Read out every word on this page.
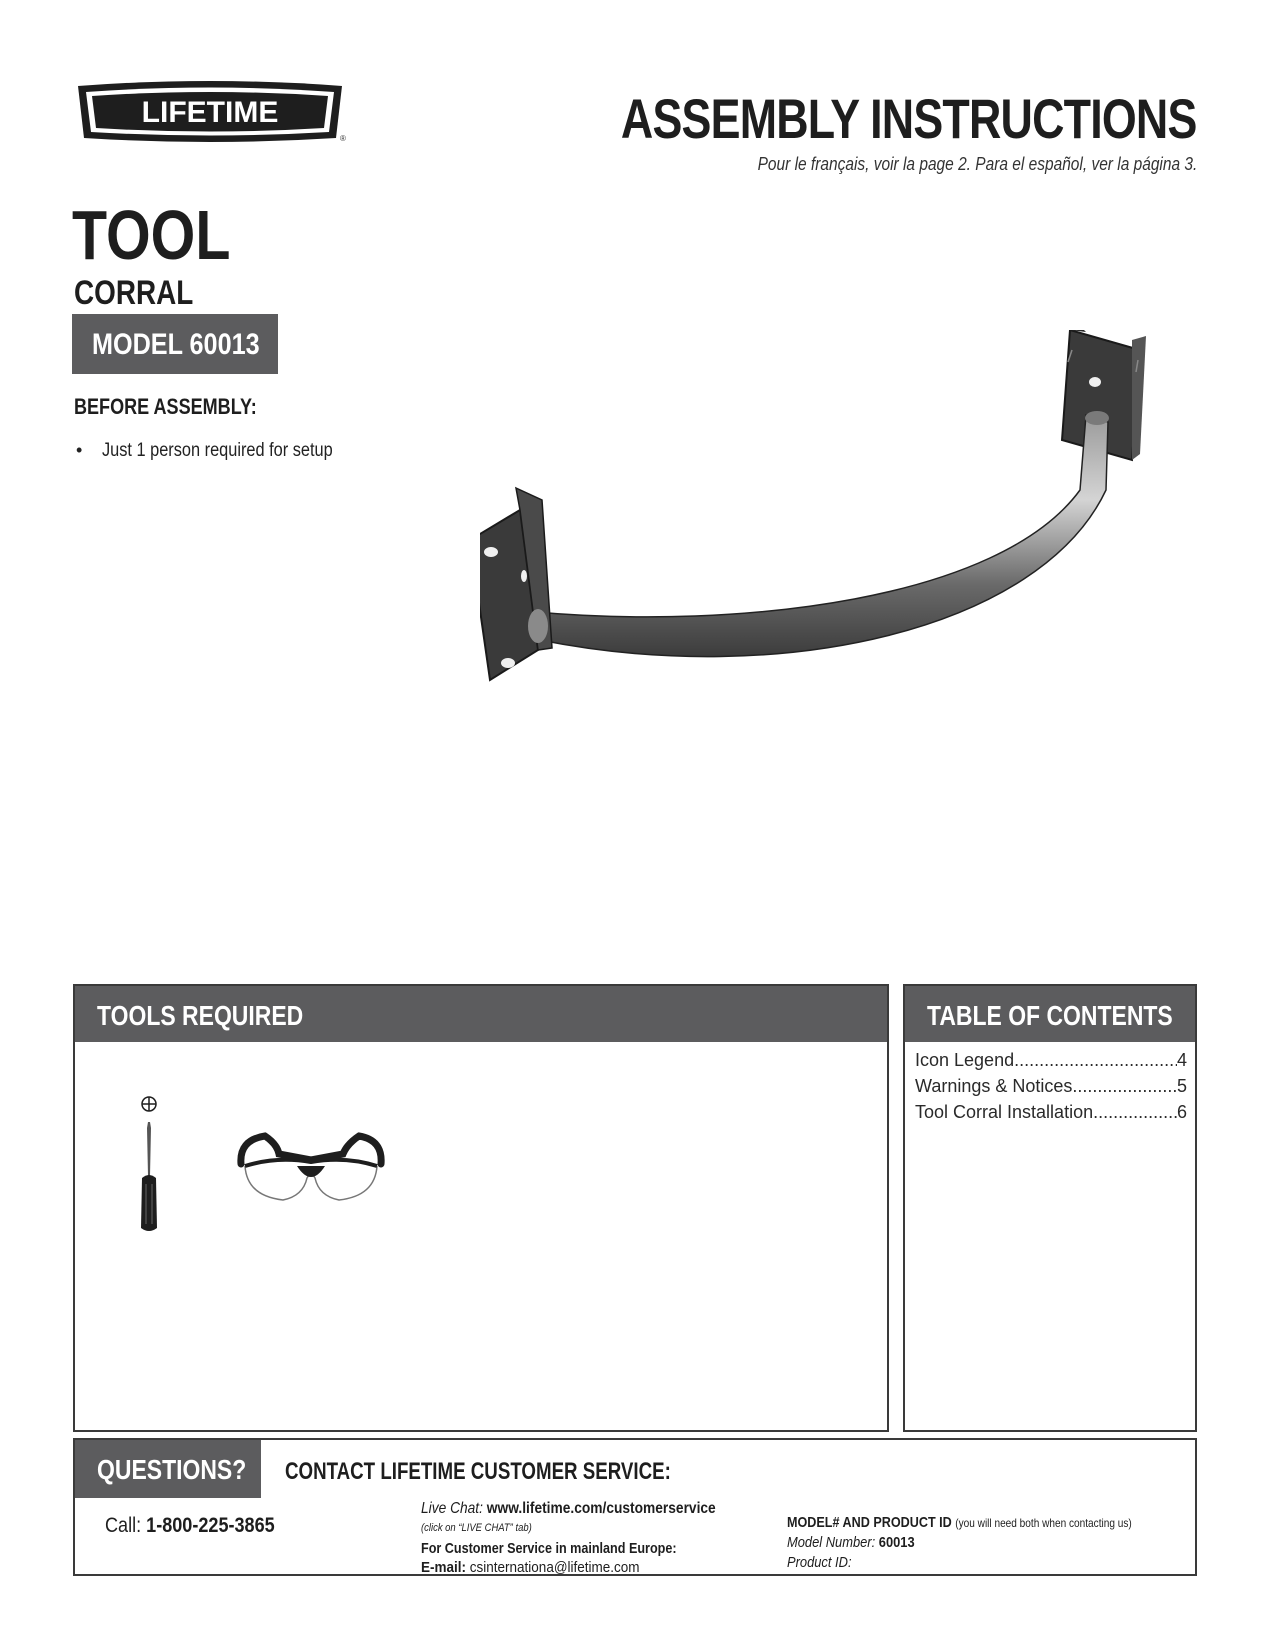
LIFETIME
®	ASSEMBLY INSTRUCTIONS
Pour le français, voir la page 2. Para el español, ver la página 3.
TOOL
CORRAL
MODEL 60013
BEFORE ASSEMBLY:
• Just 1 person required for setup
TOOLS REQUIRED	TABLE OF CONTENTS
Icon Legend .....	4
Warnings & Notices .....	5
Tool Corral Installation .....	6
QUESTIONS? CONTACT LIFETIME CUSTOMER SERVICE:
Call: 1-800-225-3865
Live Chat: www.lifetime.com/customerservice
(click on “LIVE CHAT” tab)
For Customer Service in mainland Europe:
E-mail: csinternationa@lifetime.com
MODEL# AND PRODUCT ID (you will need both when contacting us)
Model Number: 60013
Product ID:
